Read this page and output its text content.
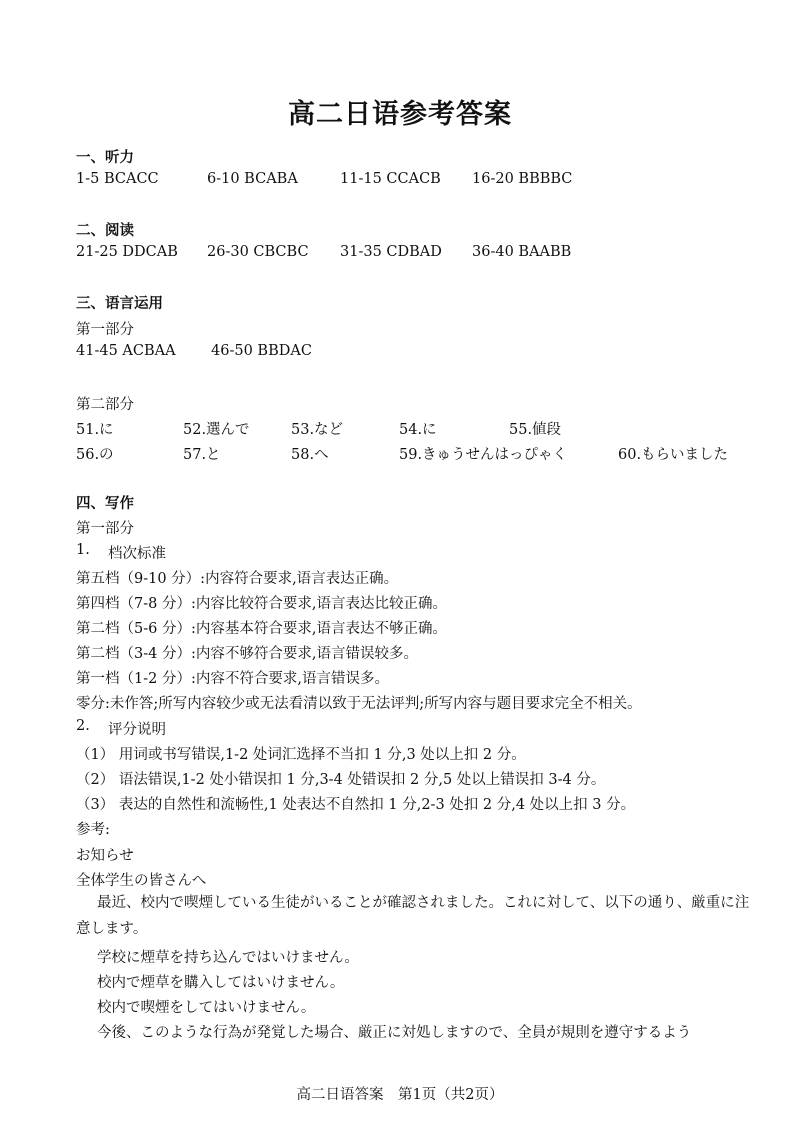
高二日语参考答案
一、听力
1-5 BCACC	6-10 BCABA	11-15 CCACB 16-20 BBBBC
二、阅读
21-25 DDCAB 26-30 CBCBC 31-35 CDBAD 36-40 BAABB
三、语言运用
第一部分
41-45 ACBAA 46-50 BBDAC
第二部分
51.に	52.選んで	53.など	54.に	55.値段
56.の	57.と	58.へ	59.きゅうせんはっぴゃく	60.もらいました
四、写作
第一部分
1. 档次标准
第五档（9-10 分）:内容符合要求,语言表达正确。
第四档（7-8 分）:内容比较符合要求,语言表达比较正确。
第二档（5-6 分）:内容基本符合要求,语言表达不够正确。
第二档（3-4 分）:内容不够符合要求,语言错误较多。
第一档（1-2 分）:内容不符合要求,语言错误多。
零分:未作答;所写内容较少或无法看清以致于无法评判;所写内容与题目要求完全不相关。
2. 评分说明
（1） 用词或书写错误,1-2 处词汇选择不当扣 1 分,3 处以上扣 2 分。
（2） 语法错误,1-2 处小错误扣 1 分,3-4 处错误扣 2 分,5 处以上错误扣 3-4 分。
（3） 表达的自然性和流畅性,1 处表达不自然扣 1 分,2-3 处扣 2 分,4 处以上扣 3 分。
参考:
お知らせ
全体学生の皆さんへ
最近、校内で喫煙している生徒がいることが確認されました。これに対して、以下の通り、厳重に注意します。
学校に煙草を持ち込んではいけません。
校内で煙草を購入してはいけません。
校内で喫煙をしてはいけません。
今後、このような行為が発覚した場合、厳正に対処しますので、全員が規則を遵守するよう
高二日语答案　第1页（共2页）
